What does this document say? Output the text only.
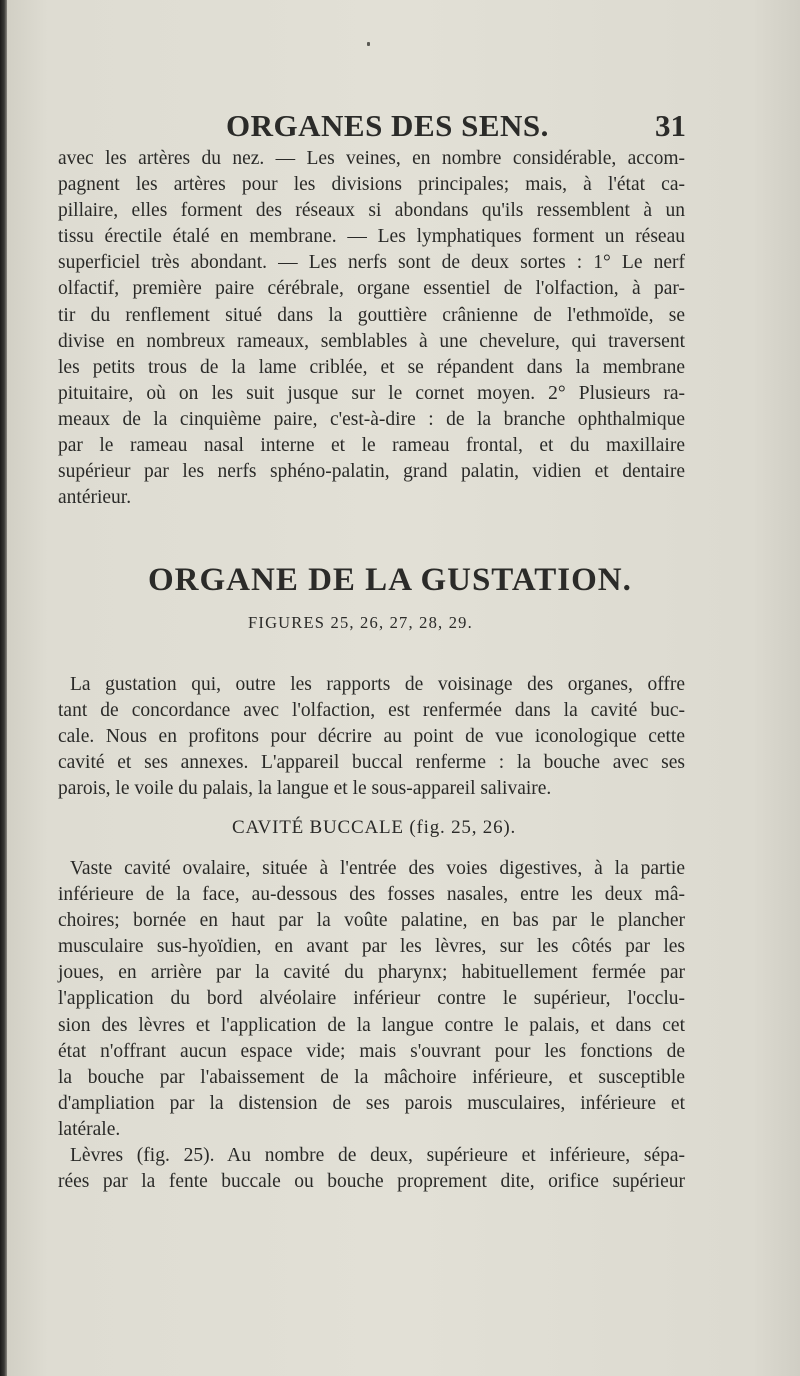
ORGANES DES SENS.	31
avec les artères du nez. — Les veines, en nombre considérable, accom-
pagnent les artères pour les divisions principales; mais, à l'état ca-
pillaire, elles forment des réseaux si abondans qu'ils ressemblent à un
tissu érectile étalé en membrane. — Les lymphatiques forment un réseau
superficiel très abondant. — Les nerfs sont de deux sortes : 1° Le nerf
olfactif, première paire cérébrale, organe essentiel de l'olfaction, à par-
tir du renflement situé dans la gouttière crânienne de l'ethmoïde, se
divise en nombreux rameaux, semblables à une chevelure, qui traversent
les petits trous de la lame criblée, et se répandent dans la membrane
pituitaire, où on les suit jusque sur le cornet moyen. 2° Plusieurs ra-
meaux de la cinquième paire, c'est-à-dire : de la branche ophthalmique
par le rameau nasal interne et le rameau frontal, et du maxillaire
supérieur par les nerfs sphéno-palatin, grand palatin, vidien et dentaire
antérieur.
ORGANE DE LA GUSTATION.
FIGURES 25, 26, 27, 28, 29.
La gustation qui, outre les rapports de voisinage des organes, offre
tant de concordance avec l'olfaction, est renfermée dans la cavité buc-
cale. Nous en profitons pour décrire au point de vue iconologique cette
cavité et ses annexes. L'appareil buccal renferme : la bouche avec ses
parois, le voile du palais, la langue et le sous-appareil salivaire.
CAVITÉ BUCCALE (fig. 25, 26).
Vaste cavité ovalaire, située à l'entrée des voies digestives, à la partie
inférieure de la face, au-dessous des fosses nasales, entre les deux mâ-
choires; bornée en haut par la voûte palatine, en bas par le plancher
musculaire sus-hyoïdien, en avant par les lèvres, sur les côtés par les
joues, en arrière par la cavité du pharynx; habituellement fermée par
l'application du bord alvéolaire inférieur contre le supérieur, l'occlu-
sion des lèvres et l'application de la langue contre le palais, et dans cet
état n'offrant aucun espace vide; mais s'ouvrant pour les fonctions de
la bouche par l'abaissement de la mâchoire inférieure, et susceptible
d'ampliation par la distension de ses parois musculaires, inférieure et
latérale.
Lèvres (fig. 25). Au nombre de deux, supérieure et inférieure, sépa-
rées par la fente buccale ou bouche proprement dite, orifice supérieur
